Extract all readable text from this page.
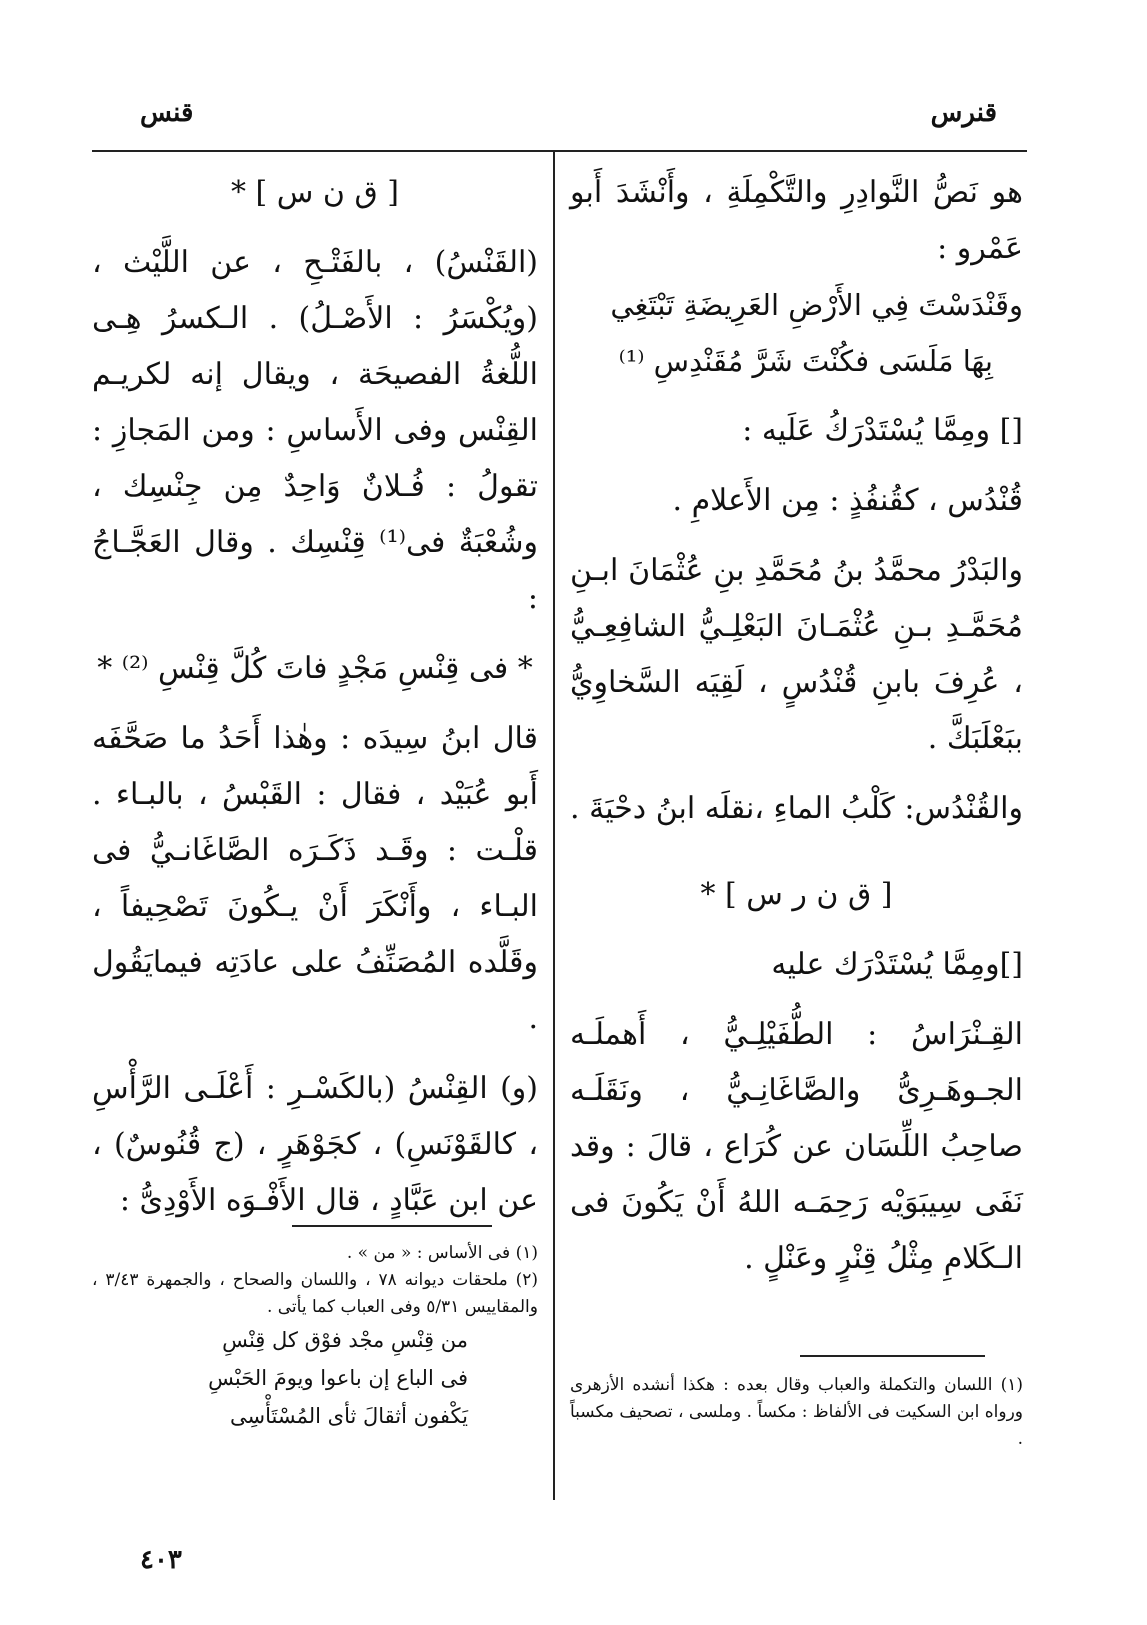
قنرس
قنس

هو نَصُّ النَّوادِرِ والتَّكْمِلَةِ ، وأَنْشَدَ أَبو عَمْرو :

وقَنْدَسْتَ فِي الأَرْضِ العَرِيضَةِ تَبْتَغِي

بِهَا مَلَسَى فكُنْتَ شَرَّ مُقَنْدِسِ ⁽¹⁾

[] ومِمَّا يُسْتَدْرَكُ عَلَيه :

قُنْدُس ، كقُنفُذٍ : مِن الأَعلامِ .

والبَدْرُ محمَّدُ بنُ مُحَمَّدِ بنِ عُثْمَانَ ابـنِ مُحَمَّـدِ بـنِ عُثْمَـانَ البَعْلِـيُّ الشافِعِـيُّ ، عُرِفَ بابنِ قُنْدُسٍ ، لَقِيَه السَّخاوِيُّ ببَعْلَبَكَّ .

والقُنْدُس: كَلْبُ الماءِ ،نقلَه ابنُ دحْيَةَ .

[ ق ن ر س ] *

[]ومِمَّا يُسْتَدْرَك عليه

القِـنْرَاسُ : الطُّفَيْلِـيُّ ، أَهملَـه الجـوهَـرِىُّ والصَّاغَانِـيُّ ، ونَقَلَـه صاحِبُ اللِّسَان عن كُرَاع ، قالَ : وقد نَفَى سِيبَوَيْه رَحِمَـه اللهُ أَنْ يَكُونَ فى الـكَلامِ مِثْلُ قِنْرٍ وعَنْلٍ .

(١) اللسان والتكملة والعباب وقال بعده : هكذا أنشده الأزهرى ورواه ابن السكيت فى الألفاظ : مكساً . وملسى ، تصحيف مكسباً .

[ ق ن س ] *

(القَنْسُ) ، بالفَتْـحِ ، عن اللَّيْث ، (ويُكْسَرُ : الأَصْـلُ) . الـكسرُ هِـى اللُّغةُ الفصيحَة ، ويقال إنه لكريـم القِنْس وفى الأَساسِ : ومن المَجازِ : تقولُ : فُـلانٌ وَاحِدٌ مِن جِنْسِك ، وشُعْبَةٌ فى⁽¹⁾ قِنْسِك . وقال العَجَّـاجُ :

* فى قِنْسِ مَجْدٍ فاتَ كُلَّ قِنْسِ ⁽²⁾ *

قال ابنُ سِيدَه : وهٰذا أَحَدُ ما صَحَّفَه أَبو عُبَيْد ، فقال : القَبْسُ ، بالبـاء . قلْـت : وقَـد ذَكَـرَه الصَّاغَانـيُّ فى البـاء ، وأَنْكَرَ أَنْ يـكُونَ تَصْحِيفاً ، وقَلَّده المُصَنِّفُ على عادَتِه فيمايَقُول .

(و) القِنْسُ (بالكَسْـرِ : أَعْلَـى الرَّأْسِ ، كالقَوْنَسِ) ، كجَوْهَرٍ ، (ج قُنُوسٌ) ، عن ابن عَبَّادٍ ، قال الأَفْـوَه الأَوْدِىُّ :

(١) فى الأساس : « من » .

(٢) ملحقات ديوانه ٧٨ ، واللسان والصحاح ، والجمهرة ٣/٤٣ ، والمقاييس ٥/٣١ وفى العباب كما يأتى .

من قِنْسِ مجْد فوْق كل قِنْسِ

فى الباع إن باعوا ويومَ الحَبْسِ

يَكْفون أثقالَ ثأى المُسْتَأْسِى

٤٠٣
